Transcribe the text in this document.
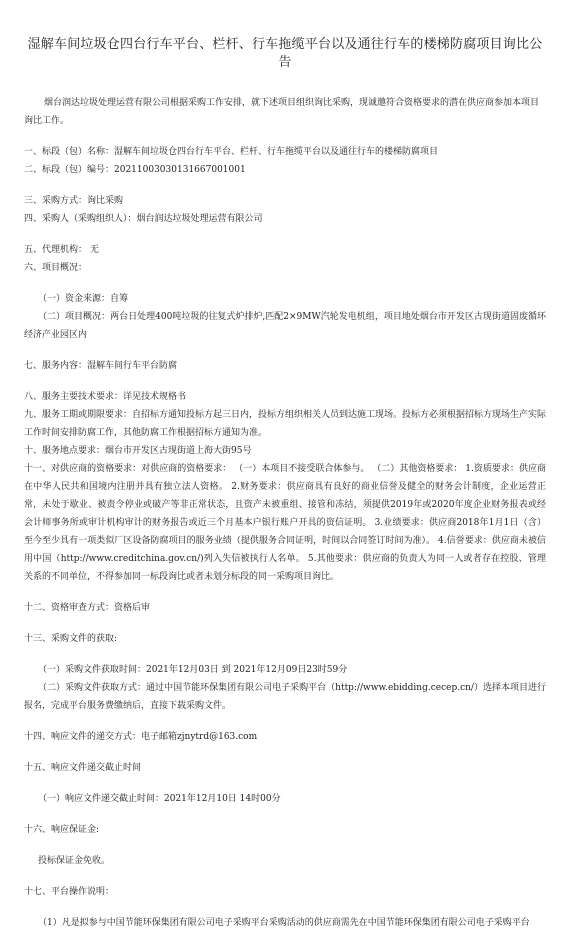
湿解车间垃圾仓四台行车平台、栏杆、行车拖缆平台以及通往行车的楼梯防腐项目询比公告

烟台润达垃圾处理运营有限公司根据采购工作安排，就下述项目组织询比采购，现诚邀符合资格要求的潜在供应商参加本项目询比工作。

一、标段（包）名称：湿解车间垃圾仓四台行车平台、栏杆、行车拖缆平台以及通往行车的楼梯防腐项目

二、标段（包）编号：2021100303013166​7001001

三、采购方式：询比采购

四、采购人（采购组织人）：烟台润达垃圾处理运营有限公司

五、代理机构： 无

六、项目概况：

（一）资金来源：自筹

（二）项目概况：两台日处理400吨垃圾的往复式炉排炉,匹配2×9MW汽轮发电机组，项目地处烟台市开发区古现街道固废循环经济产业园区内

七、服务内容：湿解车间行车平台防腐

八、服务主要技术要求：详见技术规格书

九、服务工期或期限要求：自招标方通知投标方起三日内，投标方组织相关人员到达施工现场。投标方必须根据招标方现场生产实际工作时间安排防腐工作，其他防腐工作根据招标方通知为准。

十、服务地点要求：烟台市开发区古现街道上海大街95号

十一、对供应商的资格要求：对供应商的资格要求： （一）本项目不接受联合体参与。 （二）其他资格要求： 1.资质要求：供应商在中华人民共和国境内注册并具有独立法人资格。 2.财务要求：供应商具有良好的商业信誉及健全的财务会计制度，企业运营正常，未处于歇业、被责令停业或破产等非正常状态，且资产未被重组、接管和冻结，须提供2019年或2020年度企业财务报表或经会计师事务所或审计机构审计的财务报告或近三个月基本户银行账户开具的资信证明。 3.业绩要求：供应商2018年1月1日（含）至今至少具有一项类似厂区设备防腐项目的服务业绩（提供服务合同证明，时间以合同签订时间为准）。 4.信誉要求：供应商未被信用中国（http://www.creditchina.gov.cn/)列入失信被执行人名单。 5.其他要求：供应商的负责人为同一人或者存在控股、管理关系的不同单位，不得参加同一标段询比或者未划分标段的同一采购项目询比。

十二、资格审查方式：资格后审

十三、采购文件的获取:

（一）采购文件获取时间：2021年12月03日 到 2021年12月09日23时59分

（二）采购文件获取方式：通过中国节能环保集团有限公司电子采购平台（http://www.ebidding.cecep.cn/）选择本项目进行报名，完成平台服务费缴纳后，直接下载采购文件。

十四、响应文件的递交方式：电子邮箱zjnytrd@163.com

十五、响应文件递交截止时间

（一）响应文件递交截止时间：2021年12月10日 14时00分

十六、响应保证金:

投标保证金免收。

十七、平台操作说明：

（1）凡是拟参与中国节能环保集团有限公司电子采购平台采购活动的供应商需先在中国节能环保集团有限公司电子采购平台
